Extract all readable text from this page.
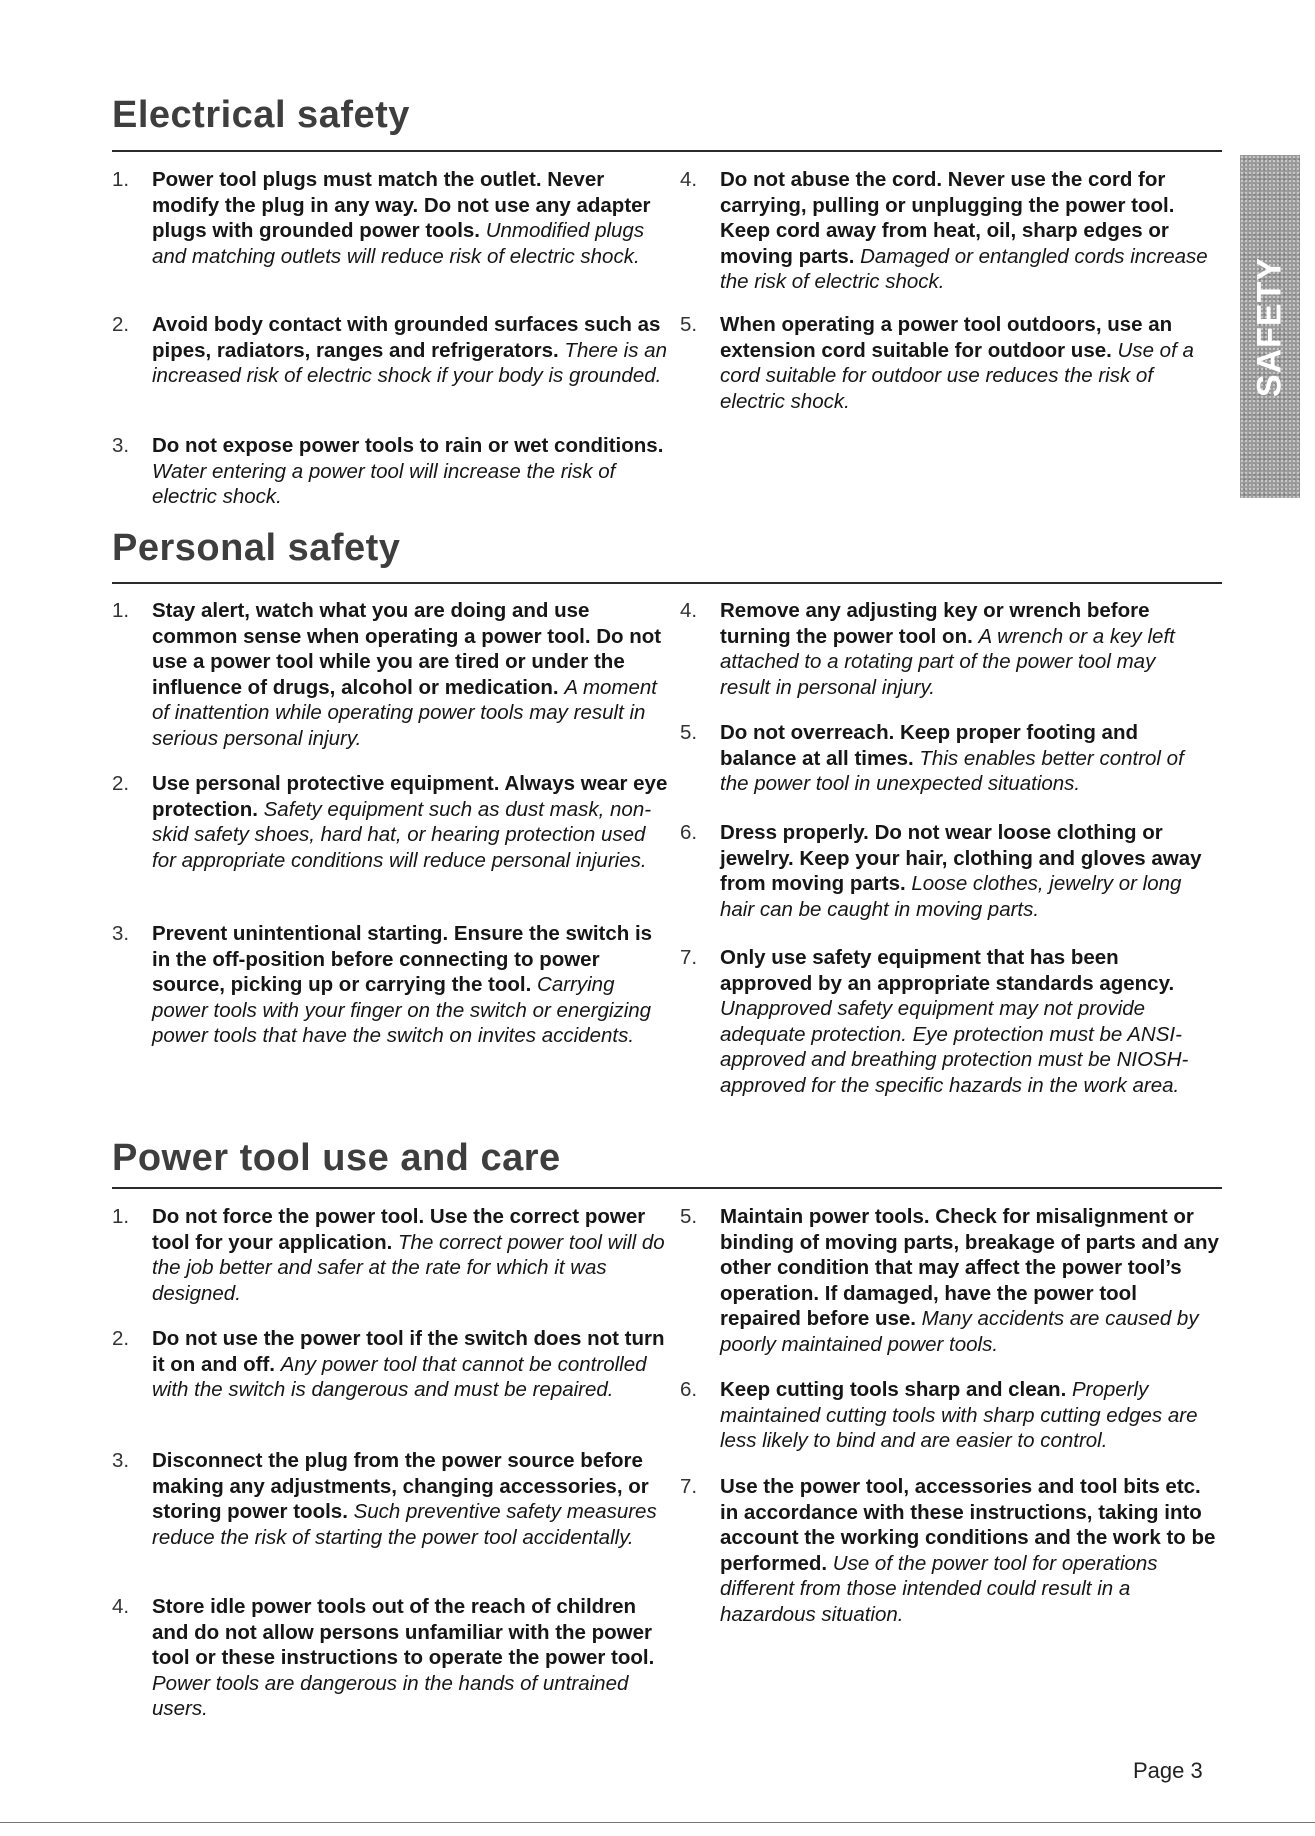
Electrical safety
1. Power tool plugs must match the outlet. Never modify the plug in any way. Do not use any adapter plugs with grounded power tools. Unmodified plugs and matching outlets will reduce risk of electric shock.
2. Avoid body contact with grounded surfaces such as pipes, radiators, ranges and refrigerators. There is an increased risk of electric shock if your body is grounded.
3. Do not expose power tools to rain or wet conditions. Water entering a power tool will increase the risk of electric shock.
4. Do not abuse the cord. Never use the cord for carrying, pulling or unplugging the power tool. Keep cord away from heat, oil, sharp edges or moving parts. Damaged or entangled cords increase the risk of electric shock.
5. When operating a power tool outdoors, use an extension cord suitable for outdoor use. Use of a cord suitable for outdoor use reduces the risk of electric shock.
Personal safety
1. Stay alert, watch what you are doing and use common sense when operating a power tool. Do not use a power tool while you are tired or under the influence of drugs, alcohol or medication. A moment of inattention while operating power tools may result in serious personal injury.
2. Use personal protective equipment. Always wear eye protection. Safety equipment such as dust mask, non-skid safety shoes, hard hat, or hearing protection used for appropriate conditions will reduce personal injuries.
3. Prevent unintentional starting. Ensure the switch is in the off-position before connecting to power source, picking up or carrying the tool. Carrying power tools with your finger on the switch or energizing power tools that have the switch on invites accidents.
4. Remove any adjusting key or wrench before turning the power tool on. A wrench or a key left attached to a rotating part of the power tool may result in personal injury.
5. Do not overreach. Keep proper footing and balance at all times. This enables better control of the power tool in unexpected situations.
6. Dress properly. Do not wear loose clothing or jewelry. Keep your hair, clothing and gloves away from moving parts. Loose clothes, jewelry or long hair can be caught in moving parts.
7. Only use safety equipment that has been approved by an appropriate standards agency. Unapproved safety equipment may not provide adequate protection. Eye protection must be ANSI-approved and breathing protection must be NIOSH-approved for the specific hazards in the work area.
Power tool use and care
1. Do not force the power tool. Use the correct power tool for your application. The correct power tool will do the job better and safer at the rate for which it was designed.
2. Do not use the power tool if the switch does not turn it on and off. Any power tool that cannot be controlled with the switch is dangerous and must be repaired.
3. Disconnect the plug from the power source before making any adjustments, changing accessories, or storing power tools. Such preventive safety measures reduce the risk of starting the power tool accidentally.
4. Store idle power tools out of the reach of children and do not allow persons unfamiliar with the power tool or these instructions to operate the power tool. Power tools are dangerous in the hands of untrained users.
5. Maintain power tools. Check for misalignment or binding of moving parts, breakage of parts and any other condition that may affect the power tool’s operation. If damaged, have the power tool repaired before use. Many accidents are caused by poorly maintained power tools.
6. Keep cutting tools sharp and clean. Properly maintained cutting tools with sharp cutting edges are less likely to bind and are easier to control.
7. Use the power tool, accessories and tool bits etc. in accordance with these instructions, taking into account the working conditions and the work to be performed. Use of the power tool for operations different from those intended could result in a hazardous situation.
SAFETY
Page 3
